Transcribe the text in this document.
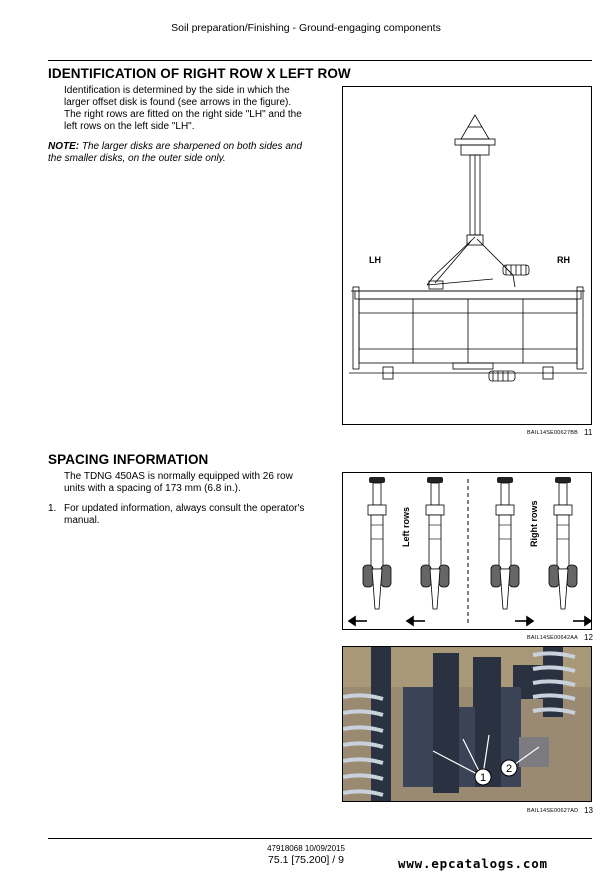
Soil preparation/Finishing - Ground-engaging components
IDENTIFICATION OF RIGHT ROW X LEFT ROW
Identification is determined by the side in which the
larger offset disk is found (see arrows in the figure).
The right rows are fitted on the right side "LH" and the
left rows on the left side "LH".
NOTE: The larger disks are sharpened on both sides and
the smaller disks, on the outer side only.
LH	RH
BAIL14SE00627BB 11
SPACING INFORMATION
The TDNG 450AS is normally equipped with 26 row
units with a spacing of 173 mm (6.8 in.).
1. For updated information, always consult the operator's
manual.	Left rows	Right rows
BAIL14SE00642AA 12
1
2
BAIL14SE00627AD 13
47918068 10/09/2015
75.1 [75.200] / 9	www.epcatalogs.com
